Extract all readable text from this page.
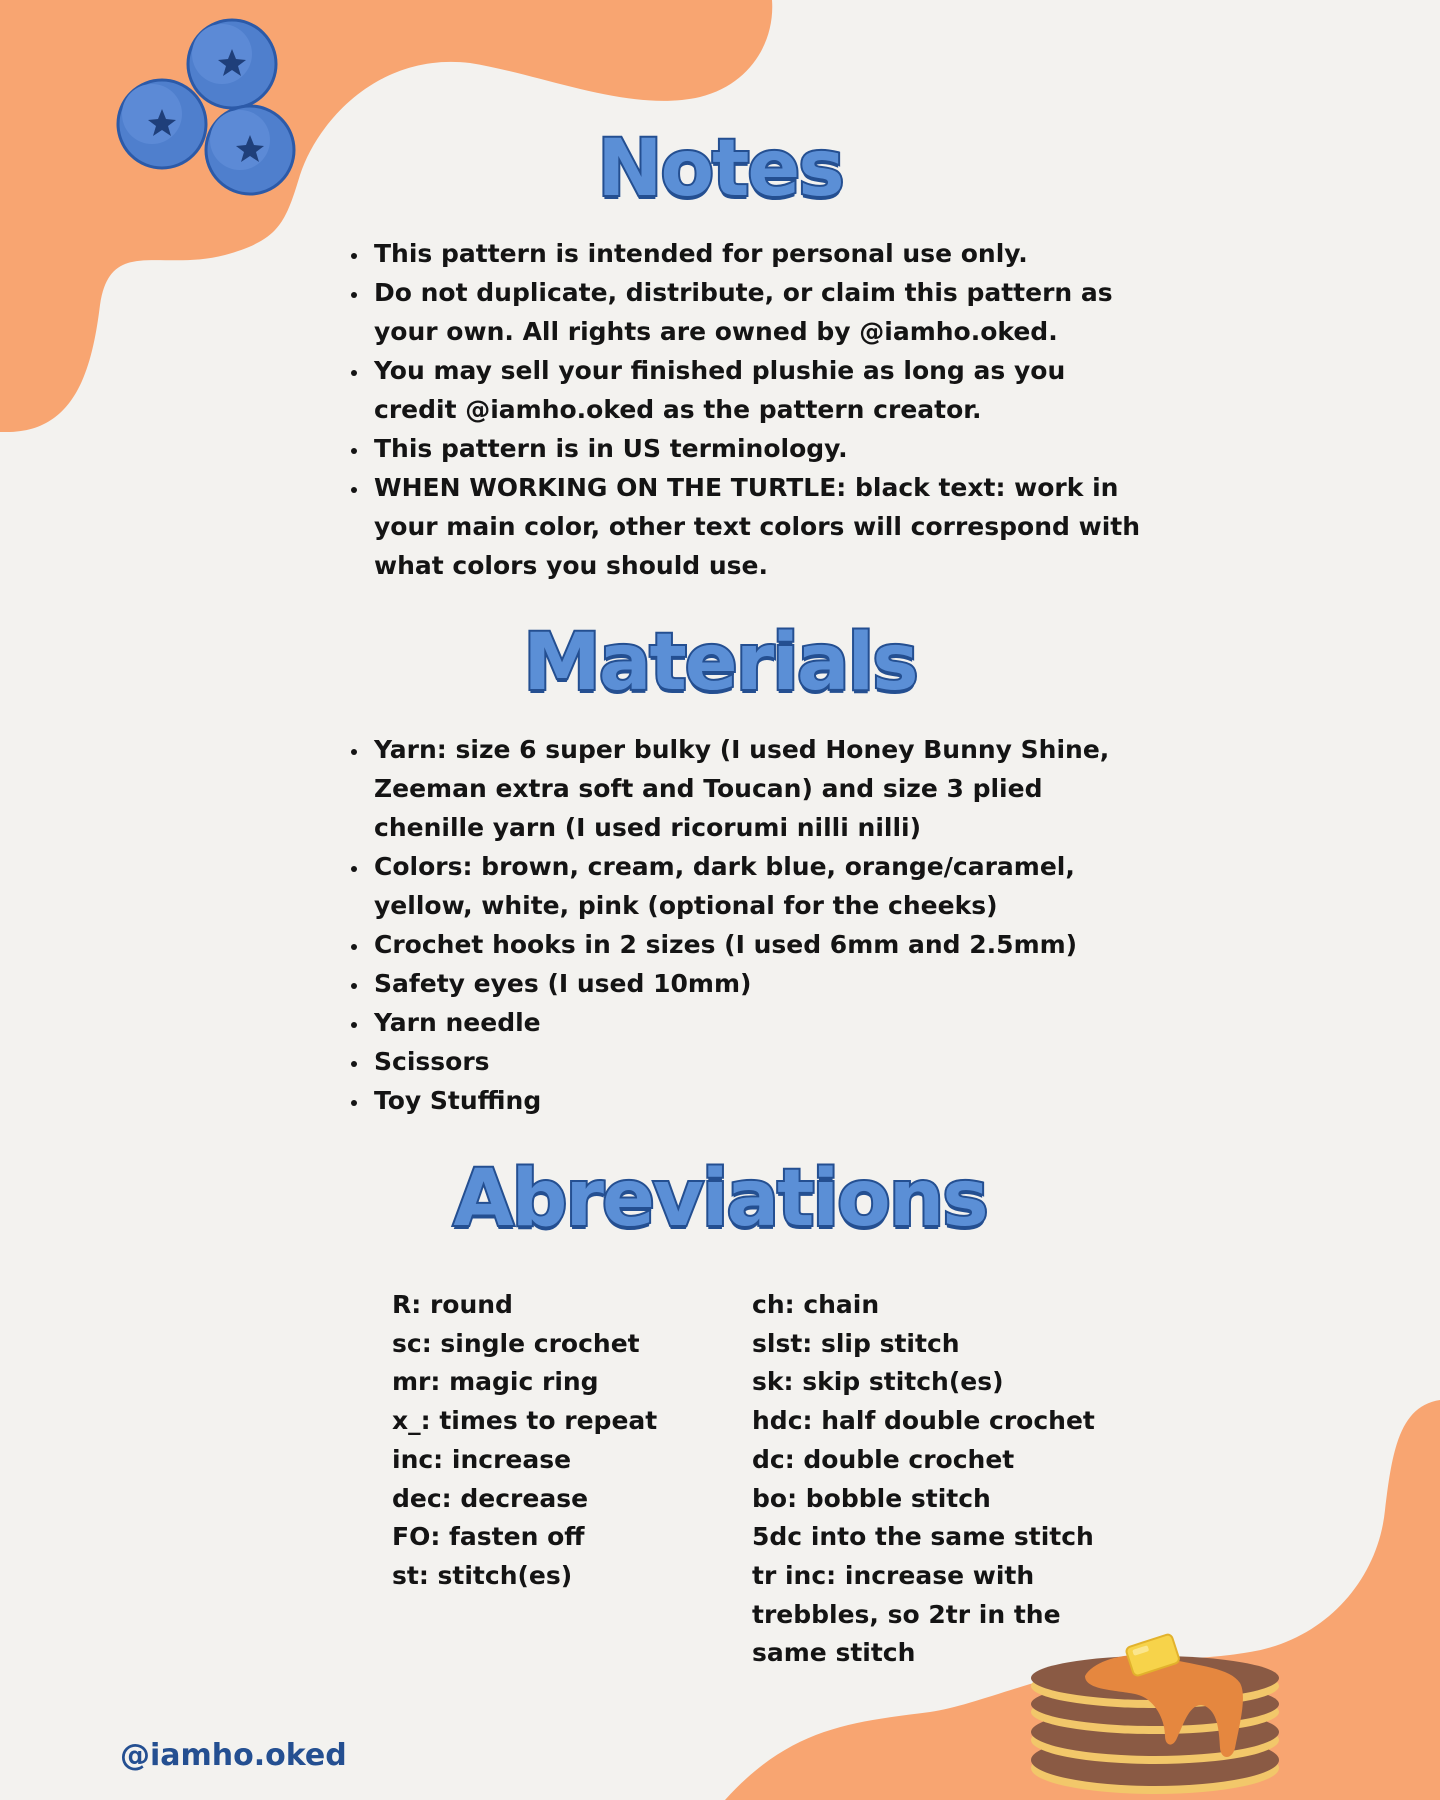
Notes
• This pattern is intended for personal use only.
• Do not duplicate, distribute, or claim this pattern as your own. All rights are owned by @iamho.oked.
• You may sell your finished plushie as long as you credit @iamho.oked as the pattern creator.
• This pattern is in US terminology.
• WHEN WORKING ON THE TURTLE: black text: work in your main color, other text colors will correspond with what colors you should use.
Materials
• Yarn: size 6 super bulky (I used Honey Bunny Shine, Zeeman extra soft and Toucan) and size 3 plied chenille yarn (I used ricorumi nilli nilli)
• Colors: brown, cream, dark blue, orange/caramel, yellow, white, pink (optional for the cheeks)
• Crochet hooks in 2 sizes (I used 6mm and 2.5mm)
• Safety eyes (I used 10mm)
• Yarn needle
• Scissors
• Toy Stuffing
Abreviations
R: round
sc: single crochet
mr: magic ring
x_: times to repeat
inc: increase
dec: decrease
FO: fasten off
st: stitch(es)
ch: chain
slst: slip stitch
sk: skip stitch(es)
hdc: half double crochet
dc: double crochet
bo: bobble stitch
5dc into the same stitch
tr inc: increase with
trebbles, so 2tr in the
same stitch
@iamho.oked
